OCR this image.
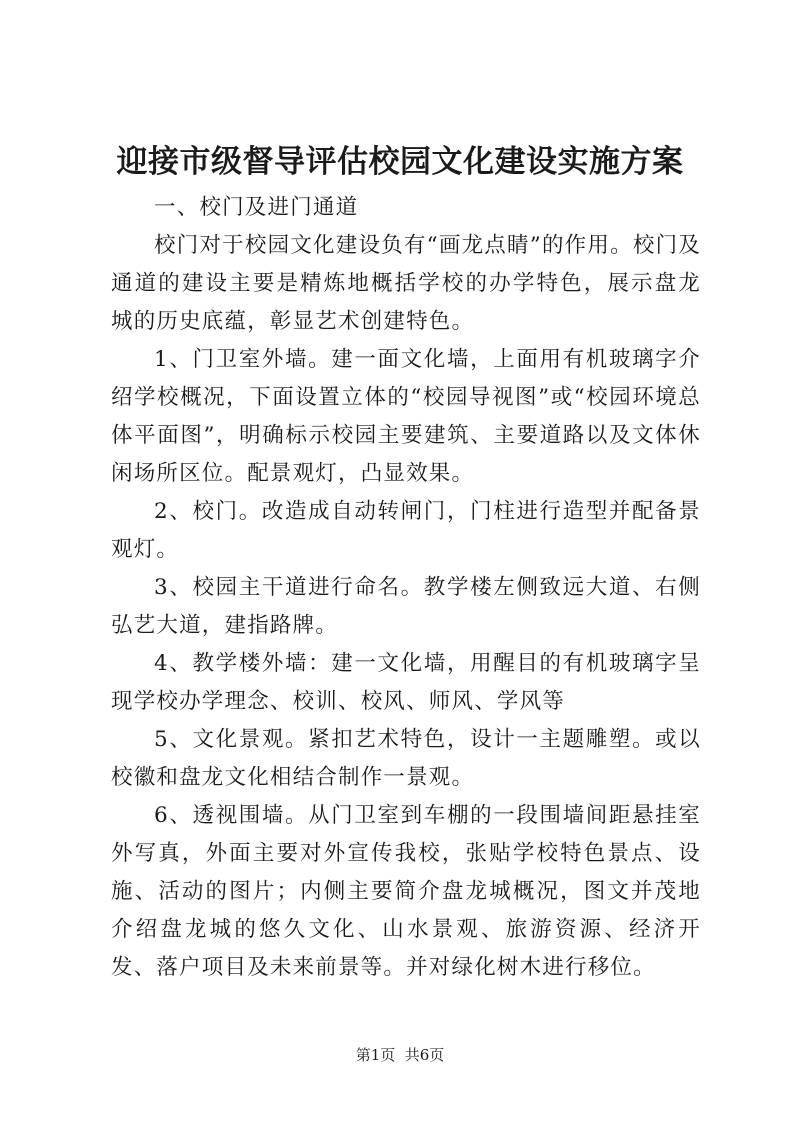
迎接市级督导评估校园文化建设实施方案

一、校门及进门通道

校门对于校园文化建设负有“画龙点睛”的作用。校门及通道的建设主要是精炼地概括学校的办学特色，展示盘龙城的历史底蕴，彰显艺术创建特色。

1、门卫室外墙。建一面文化墙，上面用有机玻璃字介绍学校概况，下面设置立体的“校园导视图”或“校园环境总体平面图”，明确标示校园主要建筑、主要道路以及文体休闲场所区位。配景观灯，凸显效果。

2、校门。改造成自动转闸门，门柱进行造型并配备景观灯。

3、校园主干道进行命名。教学楼左侧致远大道、右侧弘艺大道，建指路牌。

4、教学楼外墙：建一文化墙，用醒目的有机玻璃字呈现学校办学理念、校训、校风、师风、学风等

5、文化景观。紧扣艺术特色，设计一主题雕塑。或以校徽和盘龙文化相结合制作一景观。

6、透视围墙。从门卫室到车棚的一段围墙间距悬挂室外写真，外面主要对外宣传我校，张贴学校特色景点、设施、活动的图片；内侧主要简介盘龙城概况，图文并茂地介绍盘龙城的悠久文化、山水景观、旅游资源、经济开发、落户项目及未来前景等。并对绿化树木进行移位。

第1页  共6页
